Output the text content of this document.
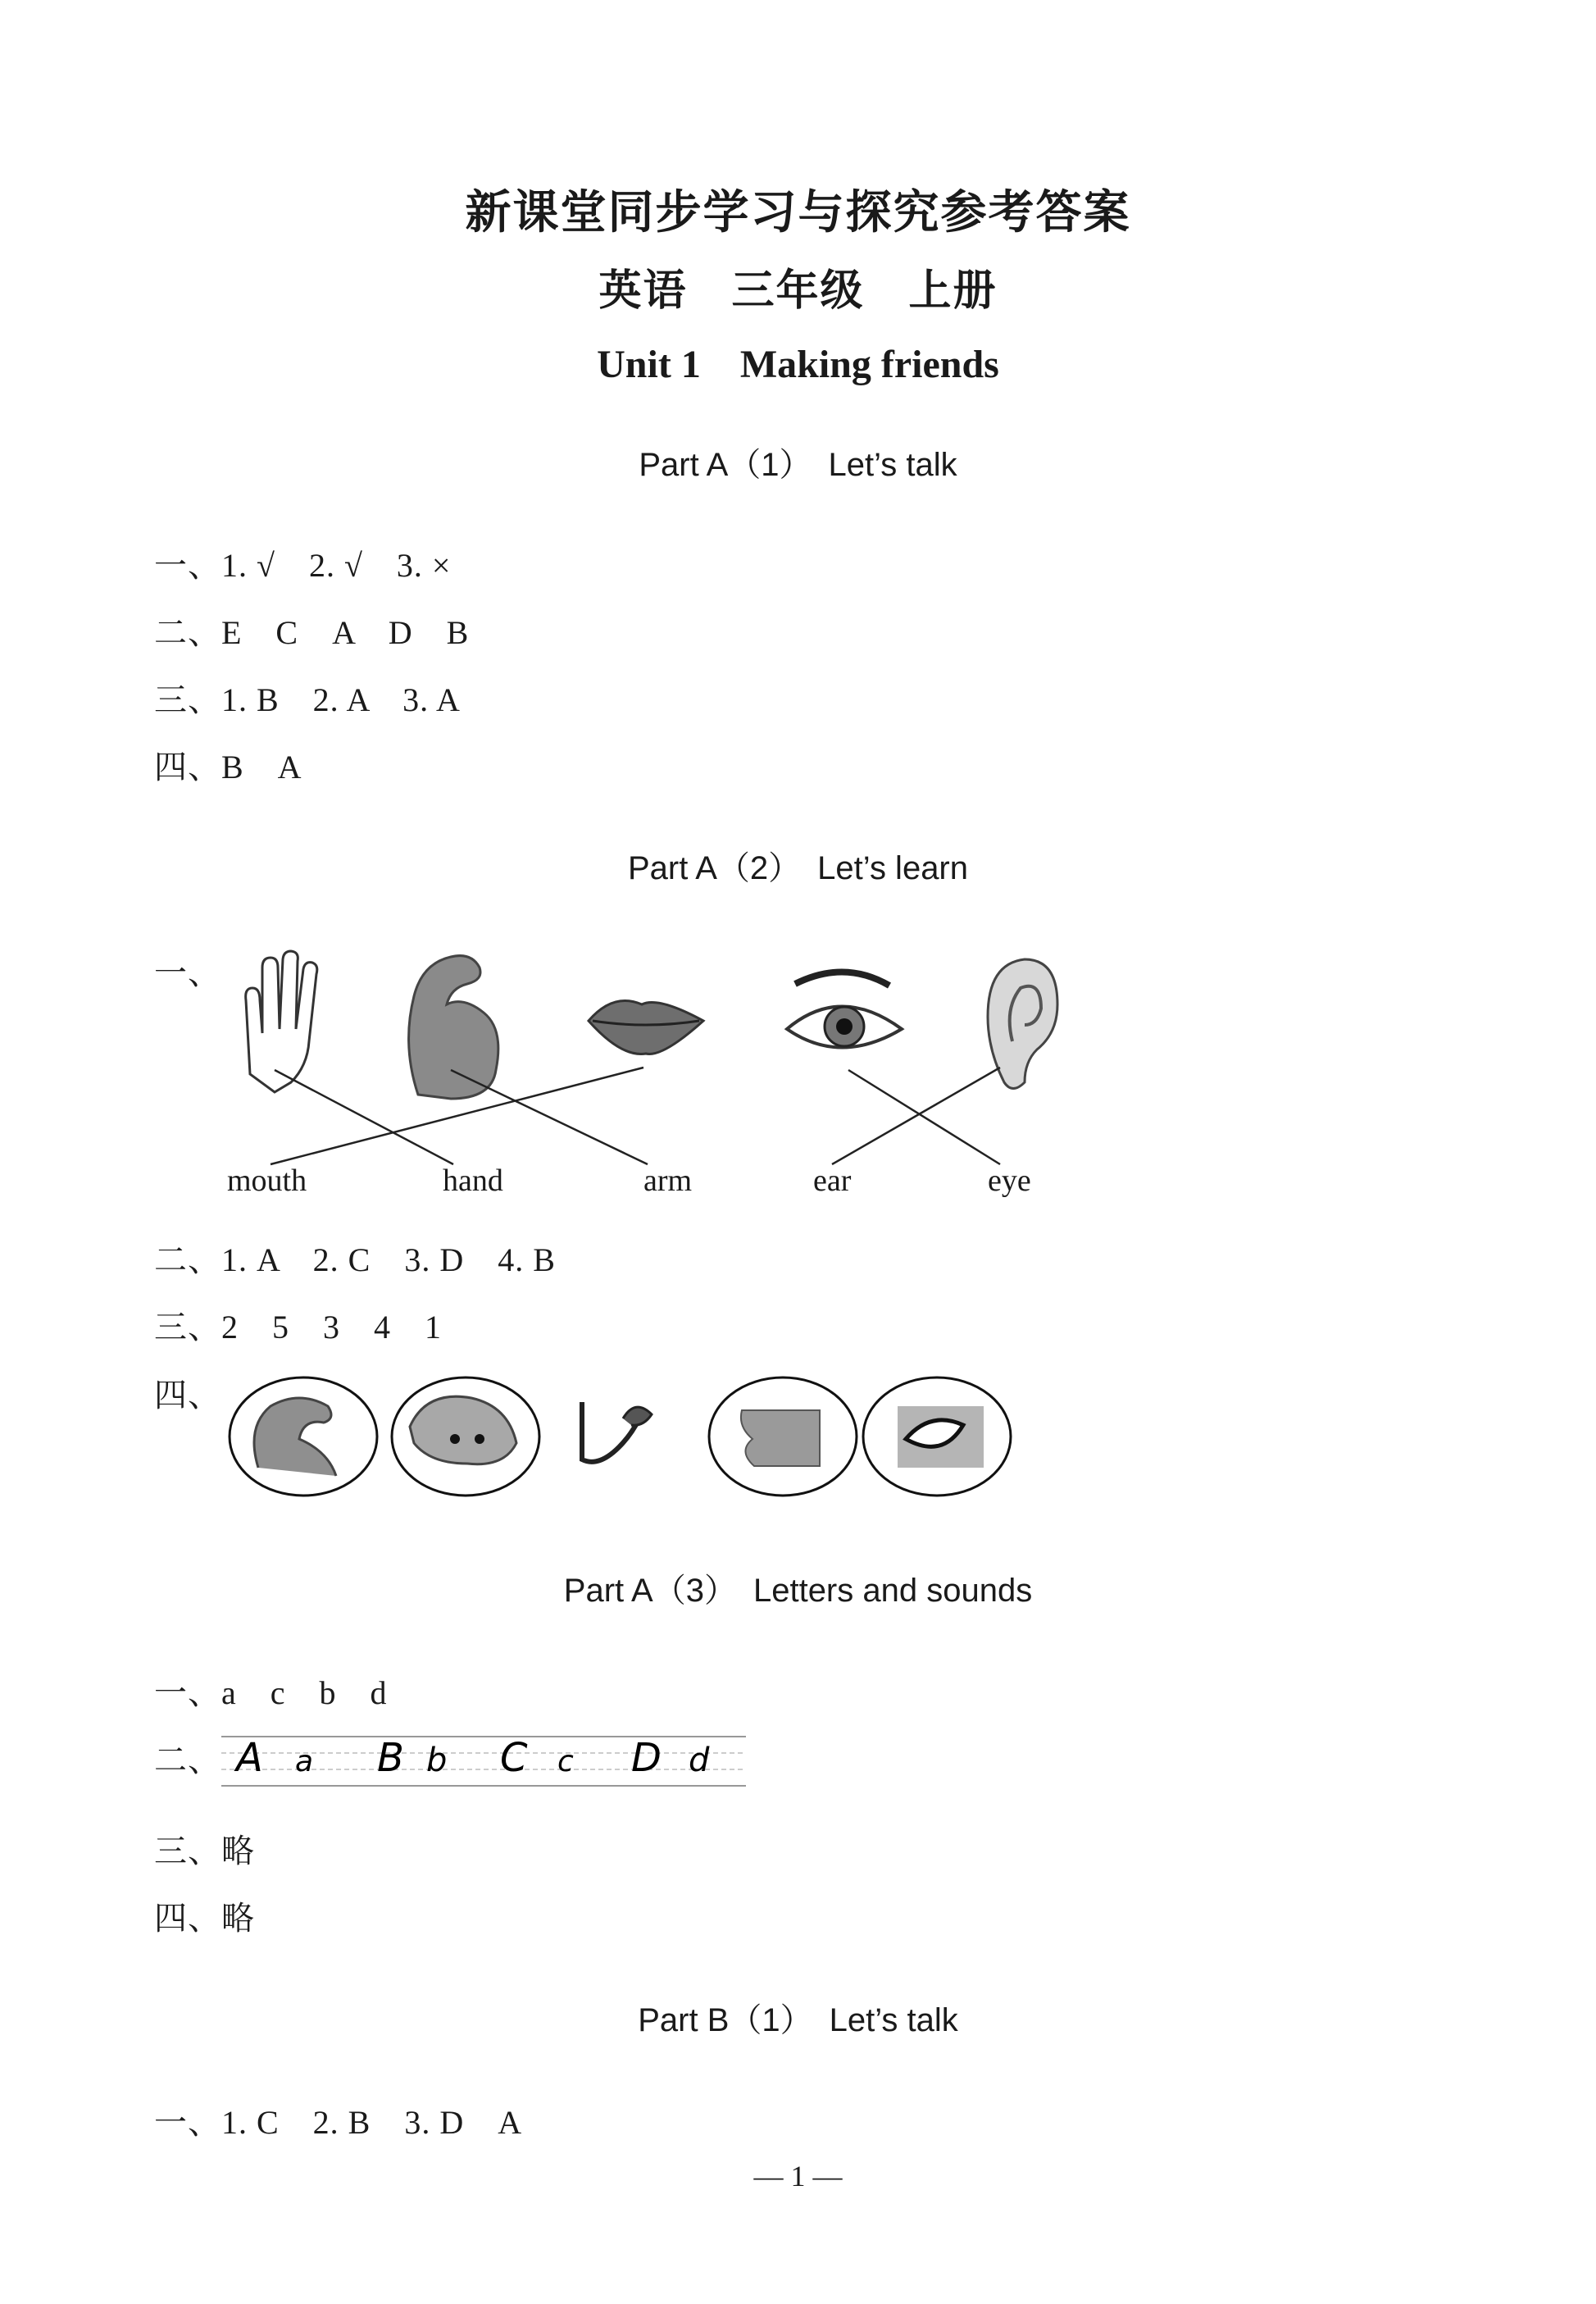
新课堂同步学习与探究参考答案
英语　三年级　上册
Unit 1　Making friends
Part A（1）　Let’s talk
一、1. √　2. √　3. ×
二、E　C　A　D　B
三、1. B　2. A　3. A
四、B　A
Part A（2）　Let’s learn
一、
mouth	hand	arm	ear	eye
二、1. A　2. C　3. D　4. B
三、2　5　3　4　1
四、
Part A（3）　Letters and sounds
一、a　c　b　d
二、 A a B b C c D d
三、略
四、略
Part B（1）　Let’s talk
一、1. C　2. B　3. D　A
— 1 —
